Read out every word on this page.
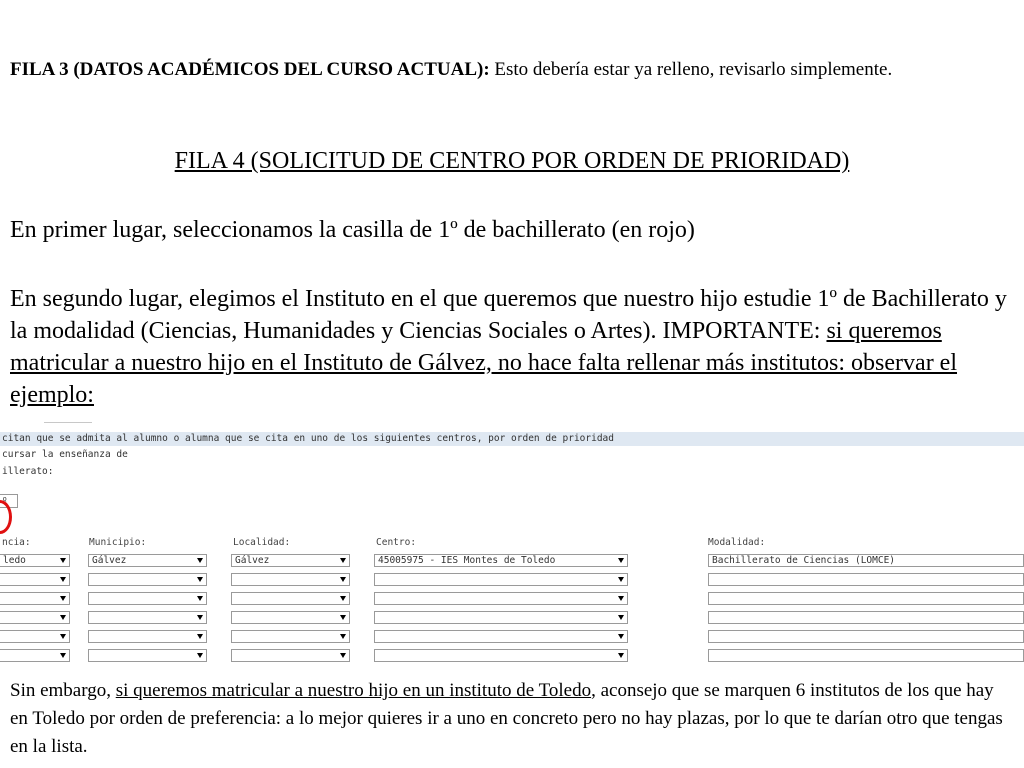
FILA 3 (DATOS ACADÉMICOS DEL CURSO ACTUAL): Esto debería estar ya relleno, revisarlo simplemente.
FILA 4 (SOLICITUD DE CENTRO POR ORDEN DE PRIORIDAD)
En primer lugar, seleccionamos la casilla de 1º de bachillerato (en rojo)
En segundo lugar, elegimos el Instituto en el que queremos que nuestro hijo estudie 1º de Bachillerato y la modalidad (Ciencias, Humanidades y Ciencias Sociales o Artes). IMPORTANTE: si queremos matricular a nuestro hijo en el Instituto de Gálvez, no hace falta rellenar más institutos: observar el ejemplo:
citan que se admita al alumno o alumna que se cita en uno de los siguientes centros, por orden de prioridad
cursar la enseñanza de
illerato:
º
ncia:	Municipio:	Localidad:	Centro:	Modalidad:
ledo	Gálvez	Gálvez	45005975 - IES Montes de Toledo	Bachillerato de Ciencias (LOMCE)
Sin embargo, si queremos matricular a nuestro hijo en un instituto de Toledo, aconsejo que se marquen 6 institutos de los que hay en Toledo por orden de preferencia: a lo mejor quieres ir a uno en concreto pero no hay plazas, por lo que te darían otro que tengas en la lista.
